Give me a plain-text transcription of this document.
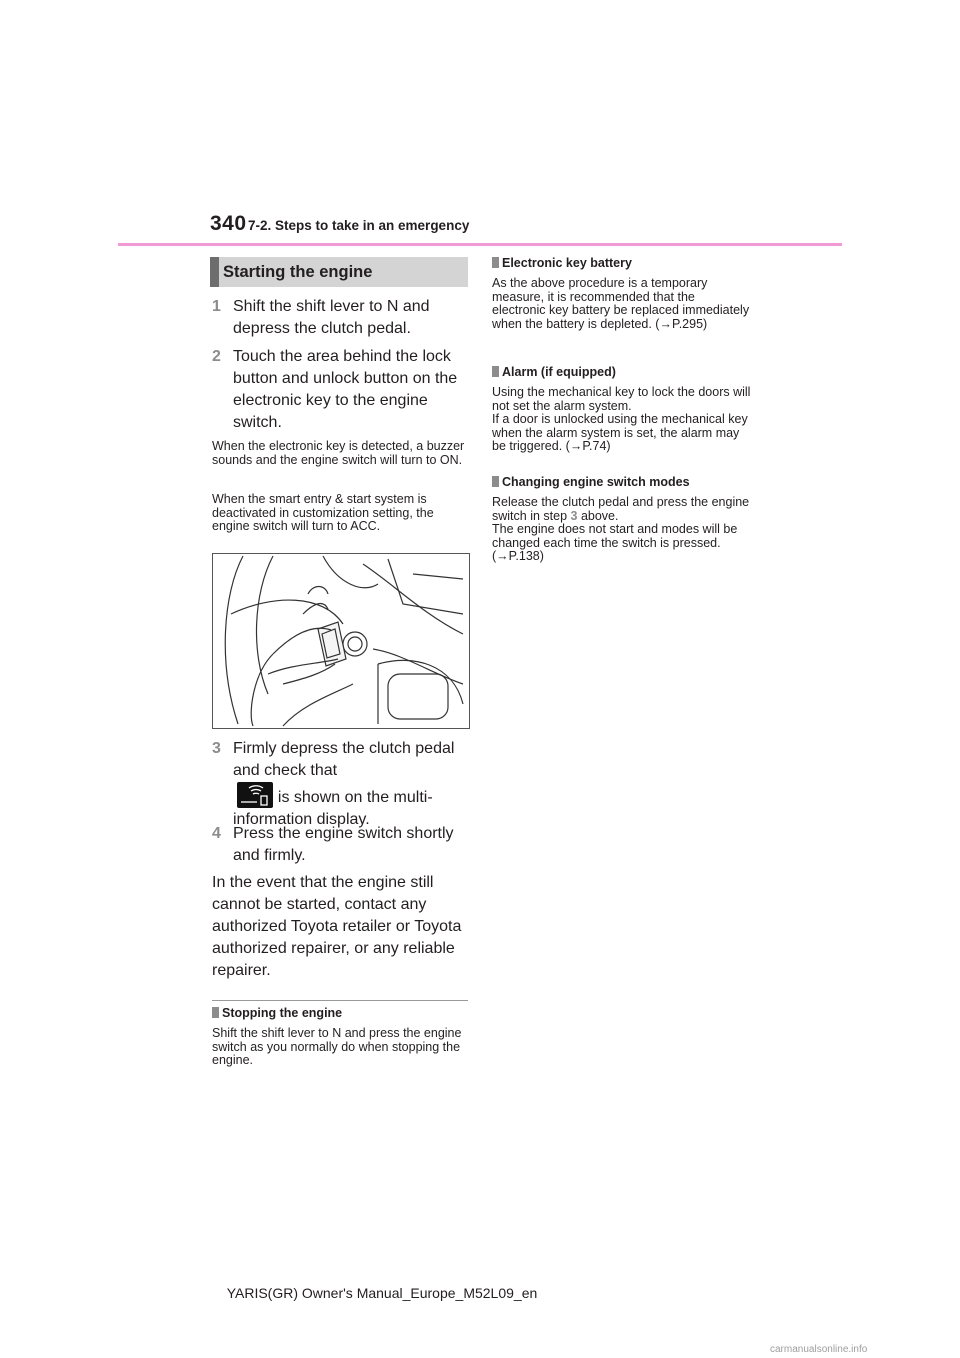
340 7-2. Steps to take in an emergency
Starting the engine
1 Shift the shift lever to N and depress the clutch pedal.
2 Touch the area behind the lock button and unlock button on the electronic key to the engine switch.
When the electronic key is detected, a buzzer sounds and the engine switch will turn to ON.
When the smart entry & start system is deactivated in customization setting, the engine switch will turn to ACC.
3 Firmly depress the clutch pedal and check that
is shown on the multi-information display.
4 Press the engine switch shortly and firmly.
In the event that the engine still cannot be started, contact any authorized Toyota retailer or Toyota authorized repairer, or any reliable repairer.
Stopping the engine
Shift the shift lever to N and press the engine switch as you normally do when stopping the engine.
Electronic key battery
As the above procedure is a temporary measure, it is recommended that the electronic key battery be replaced immediately when the battery is depleted. (→P.295)
Alarm (if equipped)
Using the mechanical key to lock the doors will not set the alarm system.
If a door is unlocked using the mechanical key when the alarm system is set, the alarm may be triggered. (→P.74)
Changing engine switch modes
Release the clutch pedal and press the engine switch in step 3 above.
The engine does not start and modes will be changed each time the switch is pressed. (→P.138)
YARIS(GR) Owner's Manual_Europe_M52L09_en
carmanualsonline.info
